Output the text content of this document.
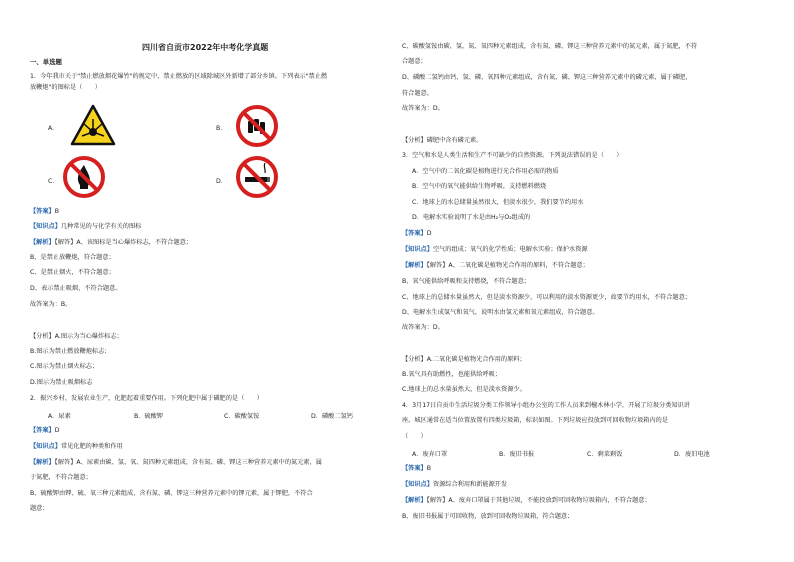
四川省自贡市2022年中考化学真题
一、单选题
1．今年我市关于"禁止燃放烟花爆竹"的规定中，禁止燃放的区域除城区外新增了部分乡镇。下列表示"禁止燃
放鞭炮"的图标是（　　）
A．	B．
C．	D．
【答案】B
【知识点】几种常见的与化学有关的图标
【解析】【解答】A、该图标是当心爆炸标志，不符合题意；
B、是禁止放鞭炮，符合题意；
C、是禁止烟火，不符合题意；
D、表示禁止吸烟，不符合题意。
故答案为：B。
【分析】A.图示为当心爆炸标志；
B.图示为禁止燃放鞭炮标志；
C.图示为禁止烟火标志；
D.图示为禁止吸烟标志
2．振兴乡村，发展农业生产，化肥起着重要作用。下列化肥中属于磷肥的是（　　）
A．尿素	B．硫酸钾	C．碳酸氢铵	D．磷酸二氢钙
【答案】D
【知识点】常见化肥的种类和作用
【解析】【解答】A、尿素由碳、氢、氧、氮四种元素组成，含有氮、磷、钾这三种营养元素中的氮元素，属
于氮肥，不符合题意；
B、硫酸钾由钾、硫、氧三种元素组成，含有氮、磷、钾这三种营养元素中的钾元素，属于钾肥，不符合
题意；
C、碳酸氢铵由碳、氢、氮、氧四种元素组成，含有氮、磷、钾这三种营养元素中的氮元素，属于氮肥，不符
合题意；
D、磷酸二氢钙由钙、氢、磷、氧四种元素组成，含有氮、磷、钾这三种营养元素中的磷元素，属于磷肥，
符合题意。
故答案为：D。
【分析】磷肥中含有磷元素。
3．空气和水是人类生活和生产不可缺少的自然资源。下列说法错误的是（　　）
A．空气中的二氧化碳是植物进行光合作用必需的物质
B．空气中的氧气能供给生物呼吸，支持燃料燃烧
C．地球上的水总储量虽然很大，但淡水很少，我们要节约用水
D．电解水实验说明了水是由H₂与O₂组成的
【答案】D
【知识点】空气的组成；氧气的化学性质；电解水实验；保护水资源
【解析】【解答】A、二氧化碳是植物光合作用的原料，不符合题意；
B、氧气能供给呼吸和支持燃烧，不符合题意；
C、地球上的总储水量虽然大，但是淡水资源少，可以利用的淡水资源更少，故要节约用水，不符合题意；
D、电解水生成氢气和氧气，说明水由氢元素和氧元素组成，符合题意。
故答案为：D。
【分析】A.二氧化碳是植物光合作用的原料；
B.氧气具有助燃性，也能供给呼吸；
C.地球上的总水量虽然大，但是淡水资源少。
4．3月17日自贡市生活垃圾分类工作领导小组办公室的工作人员来到檀木林小学，开展了垃圾分类知识讲
座。城区通常在适当位置放置有四类垃圾箱，标识如图。下列垃圾应投放到可回收物垃圾箱内的是
（　　）
A．废弃口罩	B．废旧书报	C．剩菜剩饭	D．废旧电池
【答案】B
【知识点】资源综合利用和新能源开发
【解析】【解答】A、废弃口罩属于其他垃圾，不能投放到可回收物垃圾箱内，不符合题意；
B、废旧书报属于可回收物，放到可回收物垃圾箱，符合题意；
